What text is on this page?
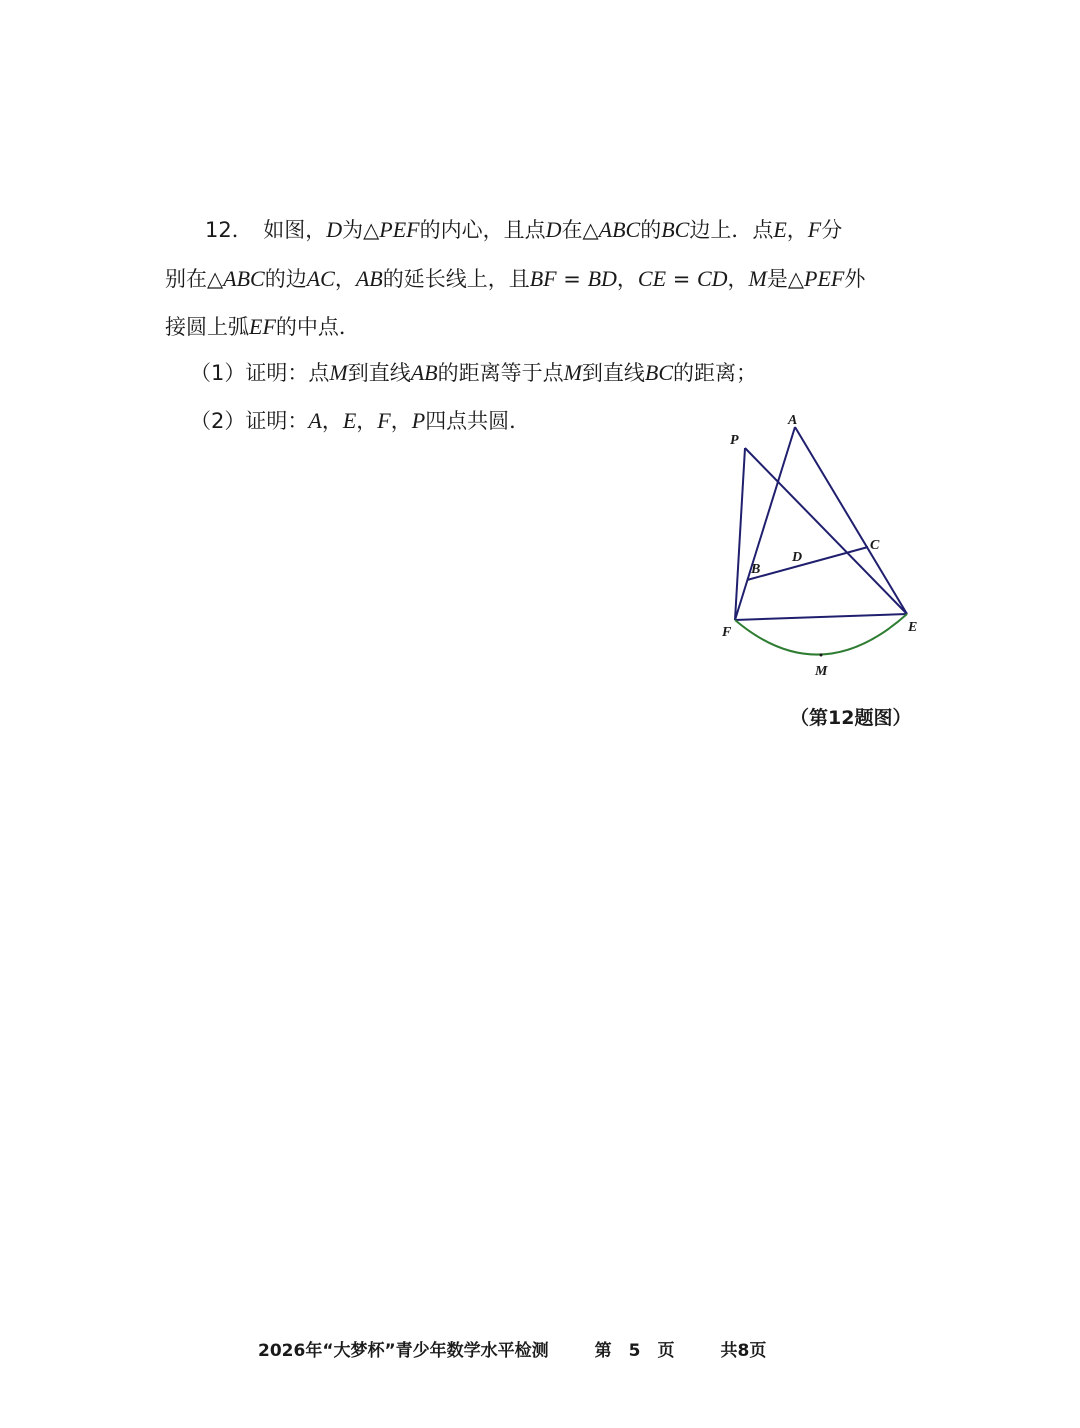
12．　 如图，D为△PEF的内心，且点D在△ABC的BC边上．点E，F分
别在△ABC的边AC，AB的延长线上，且BF = BD，CE = CD，M是△PEF外
接圆上弧EF的中点．
（1）证明：点M到直线AB的距离等于点M到直线BC的距离；
（2）证明：A，E，F，P四点共圆．	A
P
C
D
B
F	E
M
（第12题图）
2026年“大梦杯”青少年数学水平检测	第　5　页	共8页
